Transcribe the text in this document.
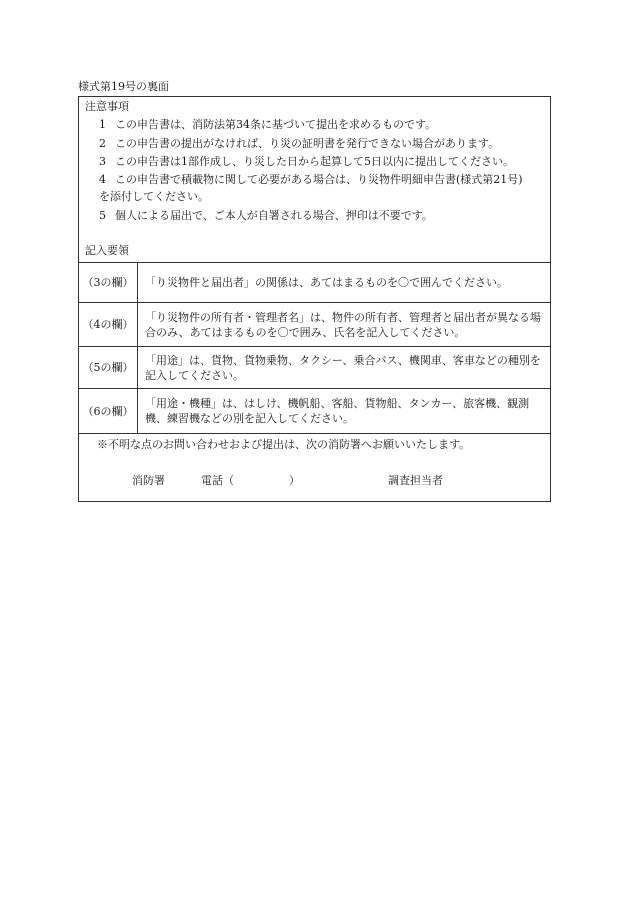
様式第19号の裏面
注意事項
1 この申告書は、消防法第34条に基づいて提出を求めるものです。
2 この申告書の提出がなければ、り災の証明書を発行できない場合があります。
3 この申告書は1部作成し、り災した日から起算して5日以内に提出してください。
4 この申告書で積載物に関して必要がある場合は、り災物件明細申告書(様式第21号)
を添付してください。
5 個人による届出で、ご本人が自署される場合、押印は不要です。
記入要領
（3の欄）	「り災物件と届出者」の関係は、あてはまるものを〇で囲んでください。
（4の欄）	「り災物件の所有者・管理者名」は、物件の所有者、管理者と届出者が異なる場合のみ、あてはまるものを〇で囲み、氏名を記入してください。
（5の欄）	「用途」は、貨物、貨物乗物、タクシー、乗合バス、機関車、客車などの種別を記入してください。
（6の欄）	「用途・機種」は、はしけ、機帆船、客船、貨物船、タンカー、旅客機、観測機、練習機などの別を記入してください。
※不明な点のお問い合わせおよび提出は、次の消防署へお願いいたします。
消防署	電話（　　　　　）	調査担当者
